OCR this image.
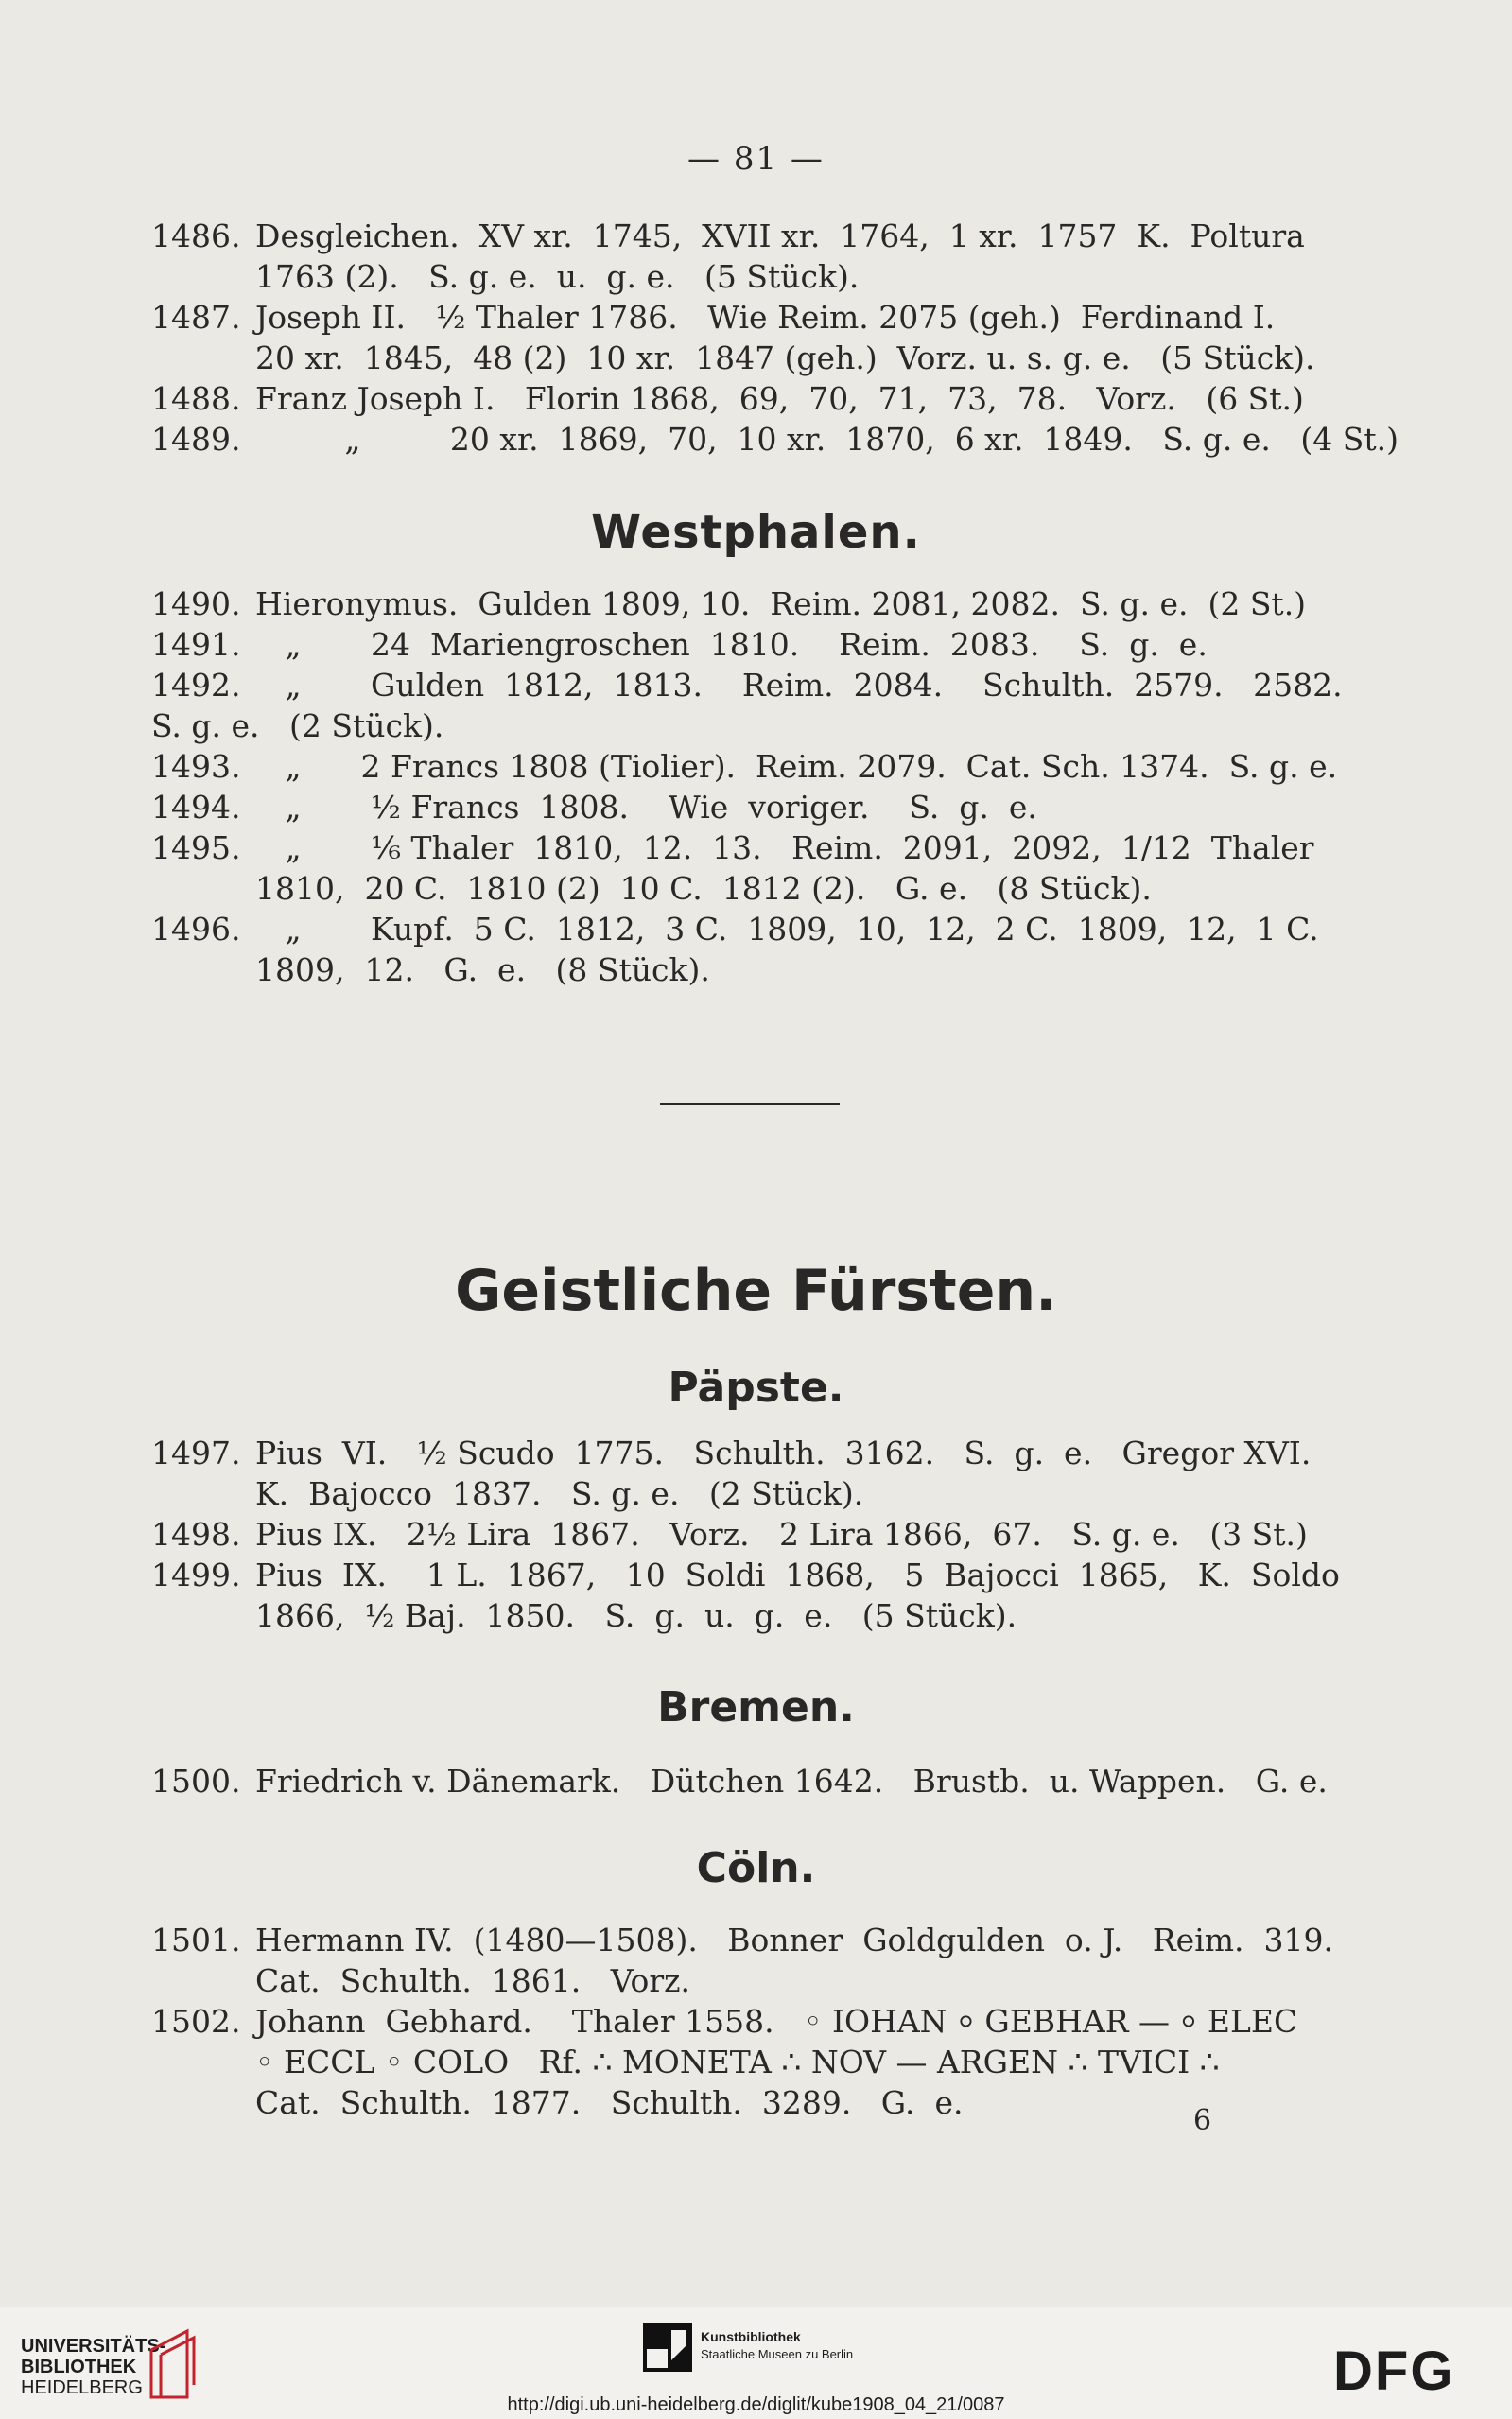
— 81 —
1486. Desgleichen.  XV xr.  1745,  XVII xr.  1764,  1 xr.  1757  K.  Poltura
1763 (2).   S. g. e.  u.  g. e.   (5 Stück).
1487. Joseph II.   ½ Thaler 1786.   Wie Reim. 2075 (geh.)  Ferdinand I.
20 xr.  1845,  48 (2)  10 xr.  1847 (geh.)  Vorz. u. s. g. e.   (5 Stück).
1488. Franz Joseph I.   Florin 1868,  69,  70,  71,  73,  78.   Vorz.   (6 St.)
1489. „         20 xr.  1869,  70,  10 xr.  1870,  6 xr.  1849.   S. g. e.   (4 St.)
Westphalen.
1490. Hieronymus.  Gulden 1809, 10.  Reim. 2081, 2082.  S. g. e.  (2 St.)
1491. „       24  Mariengroschen  1810.    Reim.  2083.    S.  g.  e.
1492. „       Gulden  1812,  1813.    Reim.  2084.    Schulth.  2579.   2582.
S. g. e.   (2 Stück).
1493. „      2 Francs 1808 (Tiolier).  Reim. 2079.  Cat. Sch. 1374.  S. g. e.
1494. „       ½ Francs  1808.    Wie  voriger.    S.  g.  e.
1495. „       ⅙ Thaler  1810,  12.  13.   Reim.  2091,  2092,  1/12  Thaler
1810,  20 C.  1810 (2)  10 C.  1812 (2).   G. e.   (8 Stück).
1496. „       Kupf.  5 C.  1812,  3 C.  1809,  10,  12,  2 C.  1809,  12,  1 C.
1809,  12.   G.  e.   (8 Stück).
Geistliche Fürsten.
Päpste.
1497. Pius  VI.   ½ Scudo  1775.   Schulth.  3162.   S.  g.  e.   Gregor XVI.
K.  Bajocco  1837.   S. g. e.   (2 Stück).
1498. Pius IX.   2½ Lira  1867.   Vorz.   2 Lira 1866,  67.   S. g. e.   (3 St.)
1499. Pius  IX.    1 L.  1867,   10  Soldi  1868,   5  Bajocci  1865,   K.  Soldo
1866,  ½ Baj.  1850.   S.  g.  u.  g.  e.   (5 Stück).
Bremen.
1500. Friedrich v. Dänemark.   Dütchen 1642.   Brustb.  u. Wappen.   G. e.
Cöln.
1501. Hermann IV.  (1480—1508).   Bonner  Goldgulden  o. J.   Reim.  319.
Cat.  Schulth.  1861.   Vorz.
1502. Johann  Gebhard.    Thaler 1558.   ◦ IOHAN ⸰ GEBHAR — ⸰ ELEC
◦ ECCL ◦ COLO   Rf. ∴ MONETA ∴ NOV — ARGEN ∴ TVICI ∴
Cat.  Schulth.  1877.   Schulth.  3289.   G.  e.	6
UNIVERSITÄTS-
BIBLIOTHEK
HEIDELBERG
Kunstbibliothek
Staatliche Museen zu Berlin	DFG
http://digi.ub.uni-heidelberg.de/diglit/kube1908_04_21/0087
